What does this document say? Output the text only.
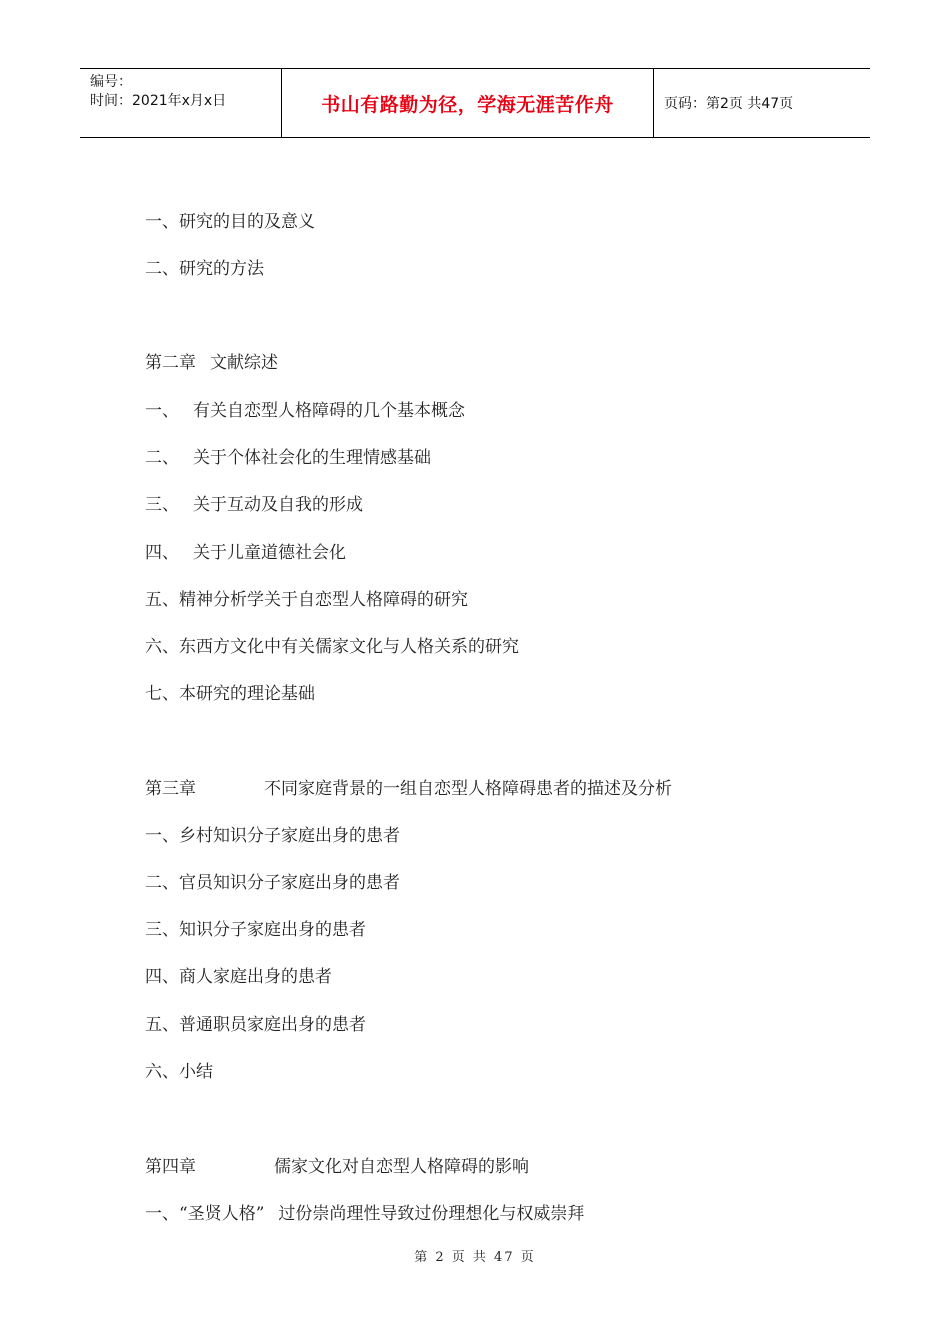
编号：
时间：2021年x月x日	书山有路勤为径，学海无涯苦作舟	页码：第2页 共47页
一、研究的目的及意义
二、研究的方法
第二章 文献综述
一、 有关自恋型人格障碍的几个基本概念
二、 关于个体社会化的生理情感基础
三、 关于互动及自我的形成
四、 关于儿童道德社会化
五、精神分析学关于自恋型人格障碍的研究
六、东西方文化中有关儒家文化与人格关系的研究
七、本研究的理论基础
第三章	不同家庭背景的一组自恋型人格障碍患者的描述及分析
一、乡村知识分子家庭出身的患者
二、官员知识分子家庭出身的患者
三、知识分子家庭出身的患者
四、商人家庭出身的患者
五、普通职员家庭出身的患者
六、小结
第四章	儒家文化对自恋型人格障碍的影响
一、“圣贤人格” 过份崇尚理性导致过份理想化与权威崇拜
第 2 页 共 47 页
